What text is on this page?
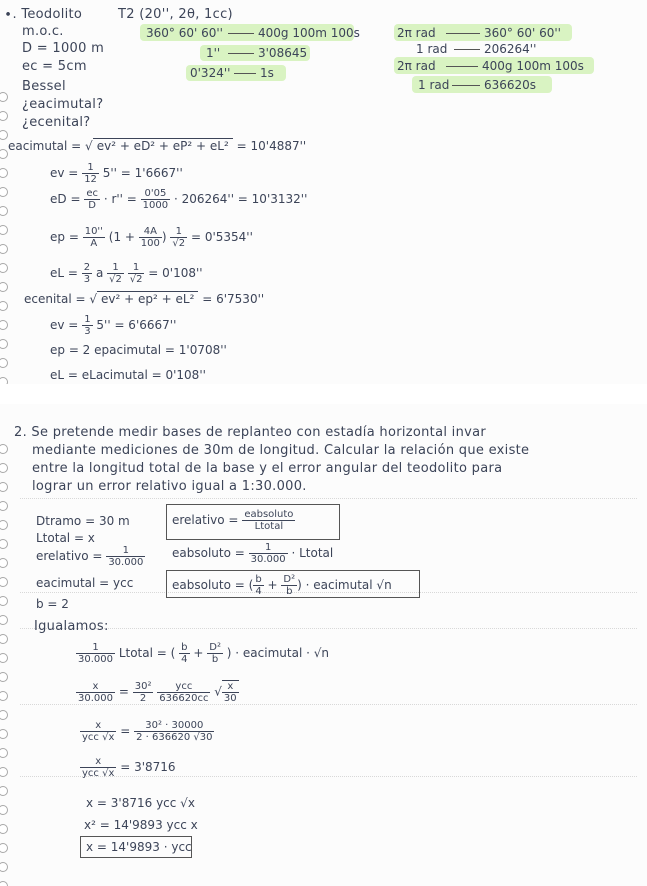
∙. Teodolito	T2 (20'', 2θ, 1cc)
m.o.c.
D = 1000 m
ec = 5cm
Bessel
¿eacimutal?
¿ecenital?
360° 60' 60''	400g 100m 100s
1''	3'08645
0'324'' 1s
2π rad	360° 60' 60''
1 rad	206264''
2π rad	400g 100m 100s
1 rad	636620s
eacimutal = √ ev² + eD² + eP² + eL² = 10'4887''
ev = $\frac{1}{12} 5'' = 1'6667''$
eD = $\frac{ec}{D} \cdot r'' = \frac{0'05}{1000} \cdot 206264'' = 10'3132''$
ep = $\frac{10''}{A} (1 + \frac{4A}{100}$ ) $\frac{1}{√2} = 0'5354''$
eL = $\frac{2}{3}$ a $\frac{1}{√2}$
$\frac{1}{√2} = 0'108''$
ecenital = √ ev² + ep² + eL² = 6'7530''
ev = $\frac{1}{3} 5'' = 6'6667''$
ep = 2 epacimutal = 1'0708''
eL = eLacimutal = 0'108''
2. Se pretende medir bases de replanteo con estadía horizontal invar
mediante mediciones de 30m de longitud. Calcular la relación que existe
entre la longitud total de la base y el error angular del teodolito para
lograr un error relativo igual a 1:30.000.
Dtramo = 30 m
Ltotal = x
erelativo = $\frac{1}{30.000}$
eacimutal = ycc
b = 2
erelativo = $\frac{\text{eabsoluto}}{\text{Ltotal}}$
eabsoluto = $\frac{1}{30.000}$ · Ltotal
eabsoluto = ( $\frac{b}{4} + \frac{\text{D²}}{b}$ ) · eacimutal √n
Igualamos:
$\frac{1}{30.000}$ Ltotal = ( $\frac{b}{4} + \frac{\text{D²}}{b}$ ) · eacimutal · √n
$\frac{x}{30.000} = \frac{\text{30²}}{2}$
$\frac{\text{ycc}}{636620cc}$ √ $\frac{x}{30}$
$\frac{x}{\text{ycc √x}} = \frac{\text{30² · 30000}}{2 \cdot 636620 √30}$
$\frac{x}{\text{ycc √x}} = 3'8716$
x = 3'8716 ycc √x
x² = 14'9893 ycc x
x = 14'9893 · ycc
